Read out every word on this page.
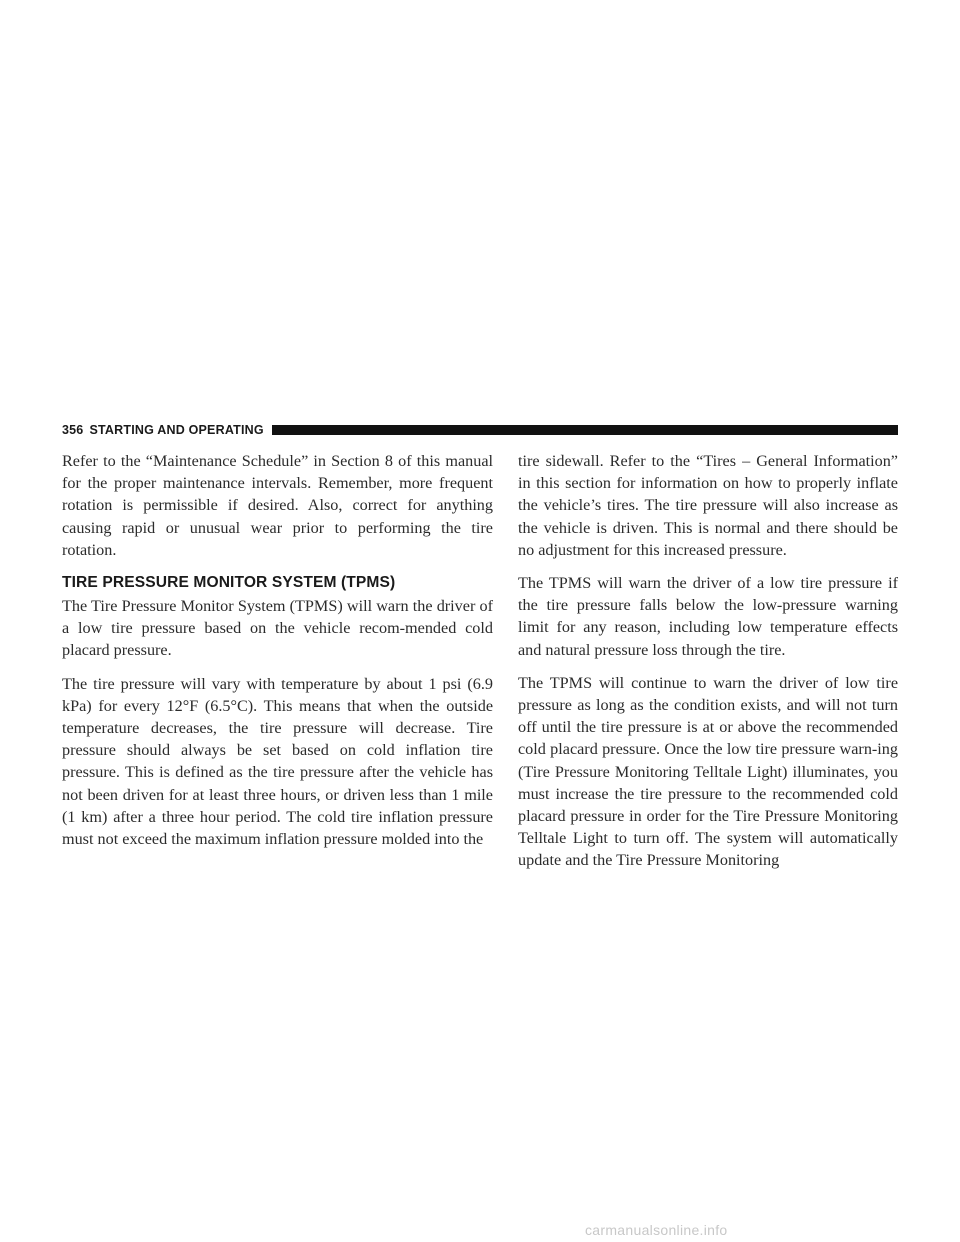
356 STARTING AND OPERATING

Refer to the “Maintenance Schedule” in Section 8 of this manual for the proper maintenance intervals. Remember, more frequent rotation is permissible if desired. Also, correct for anything causing rapid or unusual wear prior to performing the tire rotation.

TIRE PRESSURE MONITOR SYSTEM (TPMS)

The Tire Pressure Monitor System (TPMS) will warn the driver of a low tire pressure based on the vehicle recom-mended cold placard pressure.

The tire pressure will vary with temperature by about 1 psi (6.9 kPa) for every 12°F (6.5°C). This means that when the outside temperature decreases, the tire pressure will decrease. Tire pressure should always be set based on cold inflation tire pressure. This is defined as the tire pressure after the vehicle has not been driven for at least three hours, or driven less than 1 mile (1 km) after a three hour period. The cold tire inflation pressure must not exceed the maximum inflation pressure molded into the

tire sidewall. Refer to the “Tires – General Information” in this section for information on how to properly inflate the vehicle’s tires. The tire pressure will also increase as the vehicle is driven. This is normal and there should be no adjustment for this increased pressure.

The TPMS will warn the driver of a low tire pressure if the tire pressure falls below the low-pressure warning limit for any reason, including low temperature effects and natural pressure loss through the tire.

The TPMS will continue to warn the driver of low tire pressure as long as the condition exists, and will not turn off until the tire pressure is at or above the recommended cold placard pressure. Once the low tire pressure warn-ing (Tire Pressure Monitoring Telltale Light) illuminates, you must increase the tire pressure to the recommended cold placard pressure in order for the Tire Pressure Monitoring Telltale Light to turn off. The system will automatically update and the Tire Pressure Monitoring

carmanualsonline.info
